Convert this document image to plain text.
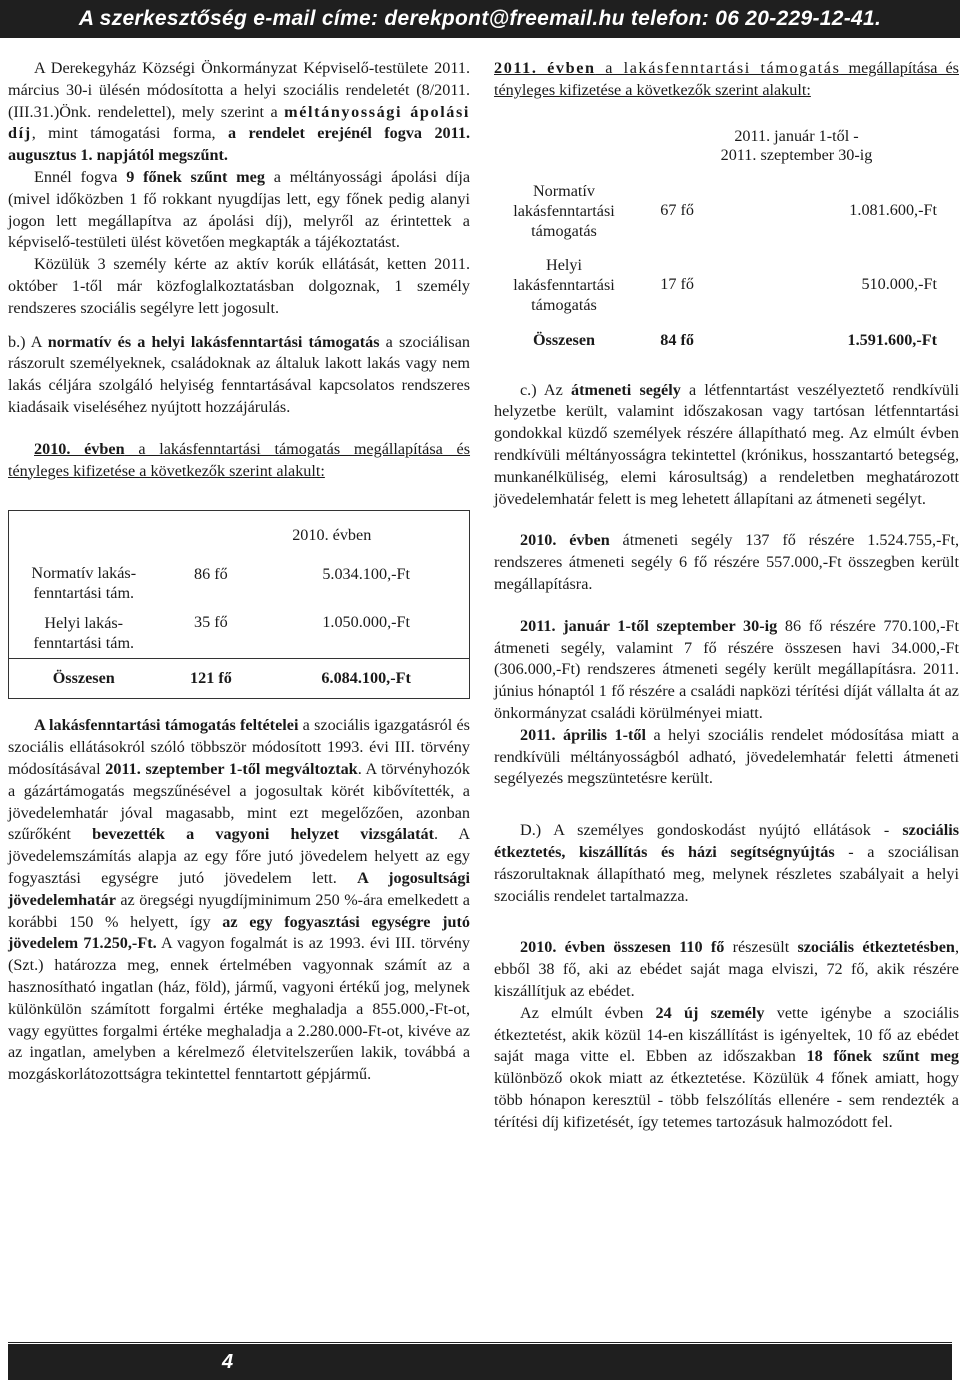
A szerkesztőség e-mail címe: derekpont@freemail.hu telefon: 06 20-229-12-41.

A Derekegyház Községi Önkormányzat Képviselő-testülete 2011. március 30-i ülésén módosította a helyi szociális rendeletét (8/2011.(III.31.)Önk. rendelettel), mely szerint a méltányossági ápolási díj, mint támogatási forma, a rendelet erejénél fogva 2011. augusztus 1. napjától megszűnt.

Ennél fogva 9 főnek szűnt meg a méltányossági ápolási díja (mivel időközben 1 fő rokkant nyugdíjas lett, egy főnek pedig alanyi jogon lett megállapítva az ápolási díj), melyről az érintettek a képviselő-testületi ülést követően megkapták a tájékoztatást.

Közülük 3 személy kérte az aktív korúk ellátását, ketten 2011. október 1-től már közfoglalkoztatásban dolgoznak, 1 személy rendszeres szociális segélyre lett jogosult.

b.) A normatív és a helyi lakásfenntartási támogatás a szociálisan rászorult személyeknek, családoknak az általuk lakott lakás vagy nem lakás céljára szolgáló helyiség fenntartásával kapcsolatos rendszeres kiadásaik viseléséhez nyújtott hozzájárulás.

2010. évben a lakásfenntartási támogatás megállapítása és tényleges kifizetése a következők szerint alakult:

	2010. évben	
Normatív lakás-
fenntartási tám.	86 fő	5.034.100,-Ft
Helyi lakás-
fenntartási tám.	35 fő	1.050.000,-Ft
Összesen	121 fő	6.084.100,-Ft

A lakásfenntartási támogatás feltételei a szociális igazgatásról és szociális ellátásokról szóló többször módosított 1993. évi III. törvény módosításával 2011. szeptember 1-től megváltoztak. A törvényhozók a gázártámogatás megszűnésével a jogosultak körét kibővítették, a jövedelemhatár jóval magasabb, mint ezt megelőzően, azonban szűrőként bevezették a vagyoni helyzet vizsgálatát. A jövedelemszámítás alapja az egy főre jutó jövedelem helyett az egy fogyasztási egységre jutó jövedelem lett. A jogosultsági jövedelemhatár az öregségi nyugdíjminimum 250 %-ára emelkedett a korábbi 150 % helyett, így az egy fogyasztási egységre jutó jövedelem 71.250,-Ft. A vagyon fogalmát is az 1993. évi III. törvény (Szt.) határozza meg, ennek értelmében vagyonnak számít az a hasznosítható ingatlan (ház, föld), jármű, vagyoni értékű jog, melynek különkülön számított forgalmi értéke meghaladja a 855.000,-Ft-ot, vagy együttes forgalmi értéke meghaladja a 2.280.000-Ft-ot, kivéve az az ingatlan, amelyben a kérelmező életvitelszerűen lakik, továbbá a mozgáskorlátozottságra tekintettel fenntartott gépjármű.

2011. évben a lakásfenntartási támogatás megállapítása és tényleges kifizetése a következők szerint alakult:

	2011. január 1-től -
2011. szeptember 30-ig	
Normatív
lakásfenntartási
támogatás	67 fő	1.081.600,-Ft
Helyi
lakásfenntartási
támogatás	17 fő	510.000,-Ft
Összesen	84 fő	1.591.600,-Ft

c.) Az átmeneti segély a létfenntartást veszélyeztető rendkívüli helyzetbe került, valamint időszakosan vagy tartósan létfenntartási gondokkal küzdő személyek részére állapítható meg. Az elmúlt évben rendkívüli méltányosságra tekintettel (krónikus, hosszantartó betegség, munkanélküliség, elemi károsultság) a rendeletben meghatározott jövedelemhatár felett is meg lehetett állapítani az átmeneti segélyt.

2010. évben átmeneti segély 137 fő részére 1.524.755,-Ft, rendszeres átmeneti segély 6 fő részére 557.000,-Ft összegben került megállapításra.

2011. január 1-től szeptember 30-ig 86 fő részére 770.100,-Ft átmeneti segély, valamint 7 fő részére összesen havi 34.000,-Ft (306.000,-Ft) rendszeres átmeneti segély került megállapításra. 2011. június hónaptól 1 fő részére a családi napközi térítési díját vállalta át az önkormányzat családi körülményei miatt.

2011. április 1-től a helyi szociális rendelet módosítása miatt a rendkívüli méltányosságból adható, jövedelemhatár feletti átmeneti segélyezés megszüntetésre került.

D.) A személyes gondoskodást nyújtó ellátások - szociális étkeztetés, kiszállítás és házi segítségnyújtás - a szociálisan rászorultaknak állapítható meg, melynek részletes szabályait a helyi szociális rendelet tartalmazza.

2010. évben összesen 110 fő részesült szociális étkeztetésben, ebből 38 fő, aki az ebédet saját maga elviszi, 72 fő, akik részére kiszállítjuk az ebédet.

Az elmúlt évben 24 új személy vette igénybe a szociális étkeztetést, akik közül 14-en kiszállítást is igényeltek, 10 fő az ebédet saját maga vitte el. Ebben az időszakban 18 főnek szűnt meg különböző okok miatt az étkeztetése. Közülük 4 főnek amiatt, hogy több hónapon keresztül - több felszólítás ellenére - sem rendezték a térítési díj kifizetését, így tetemes tartozásuk halmozódott fel.

4
